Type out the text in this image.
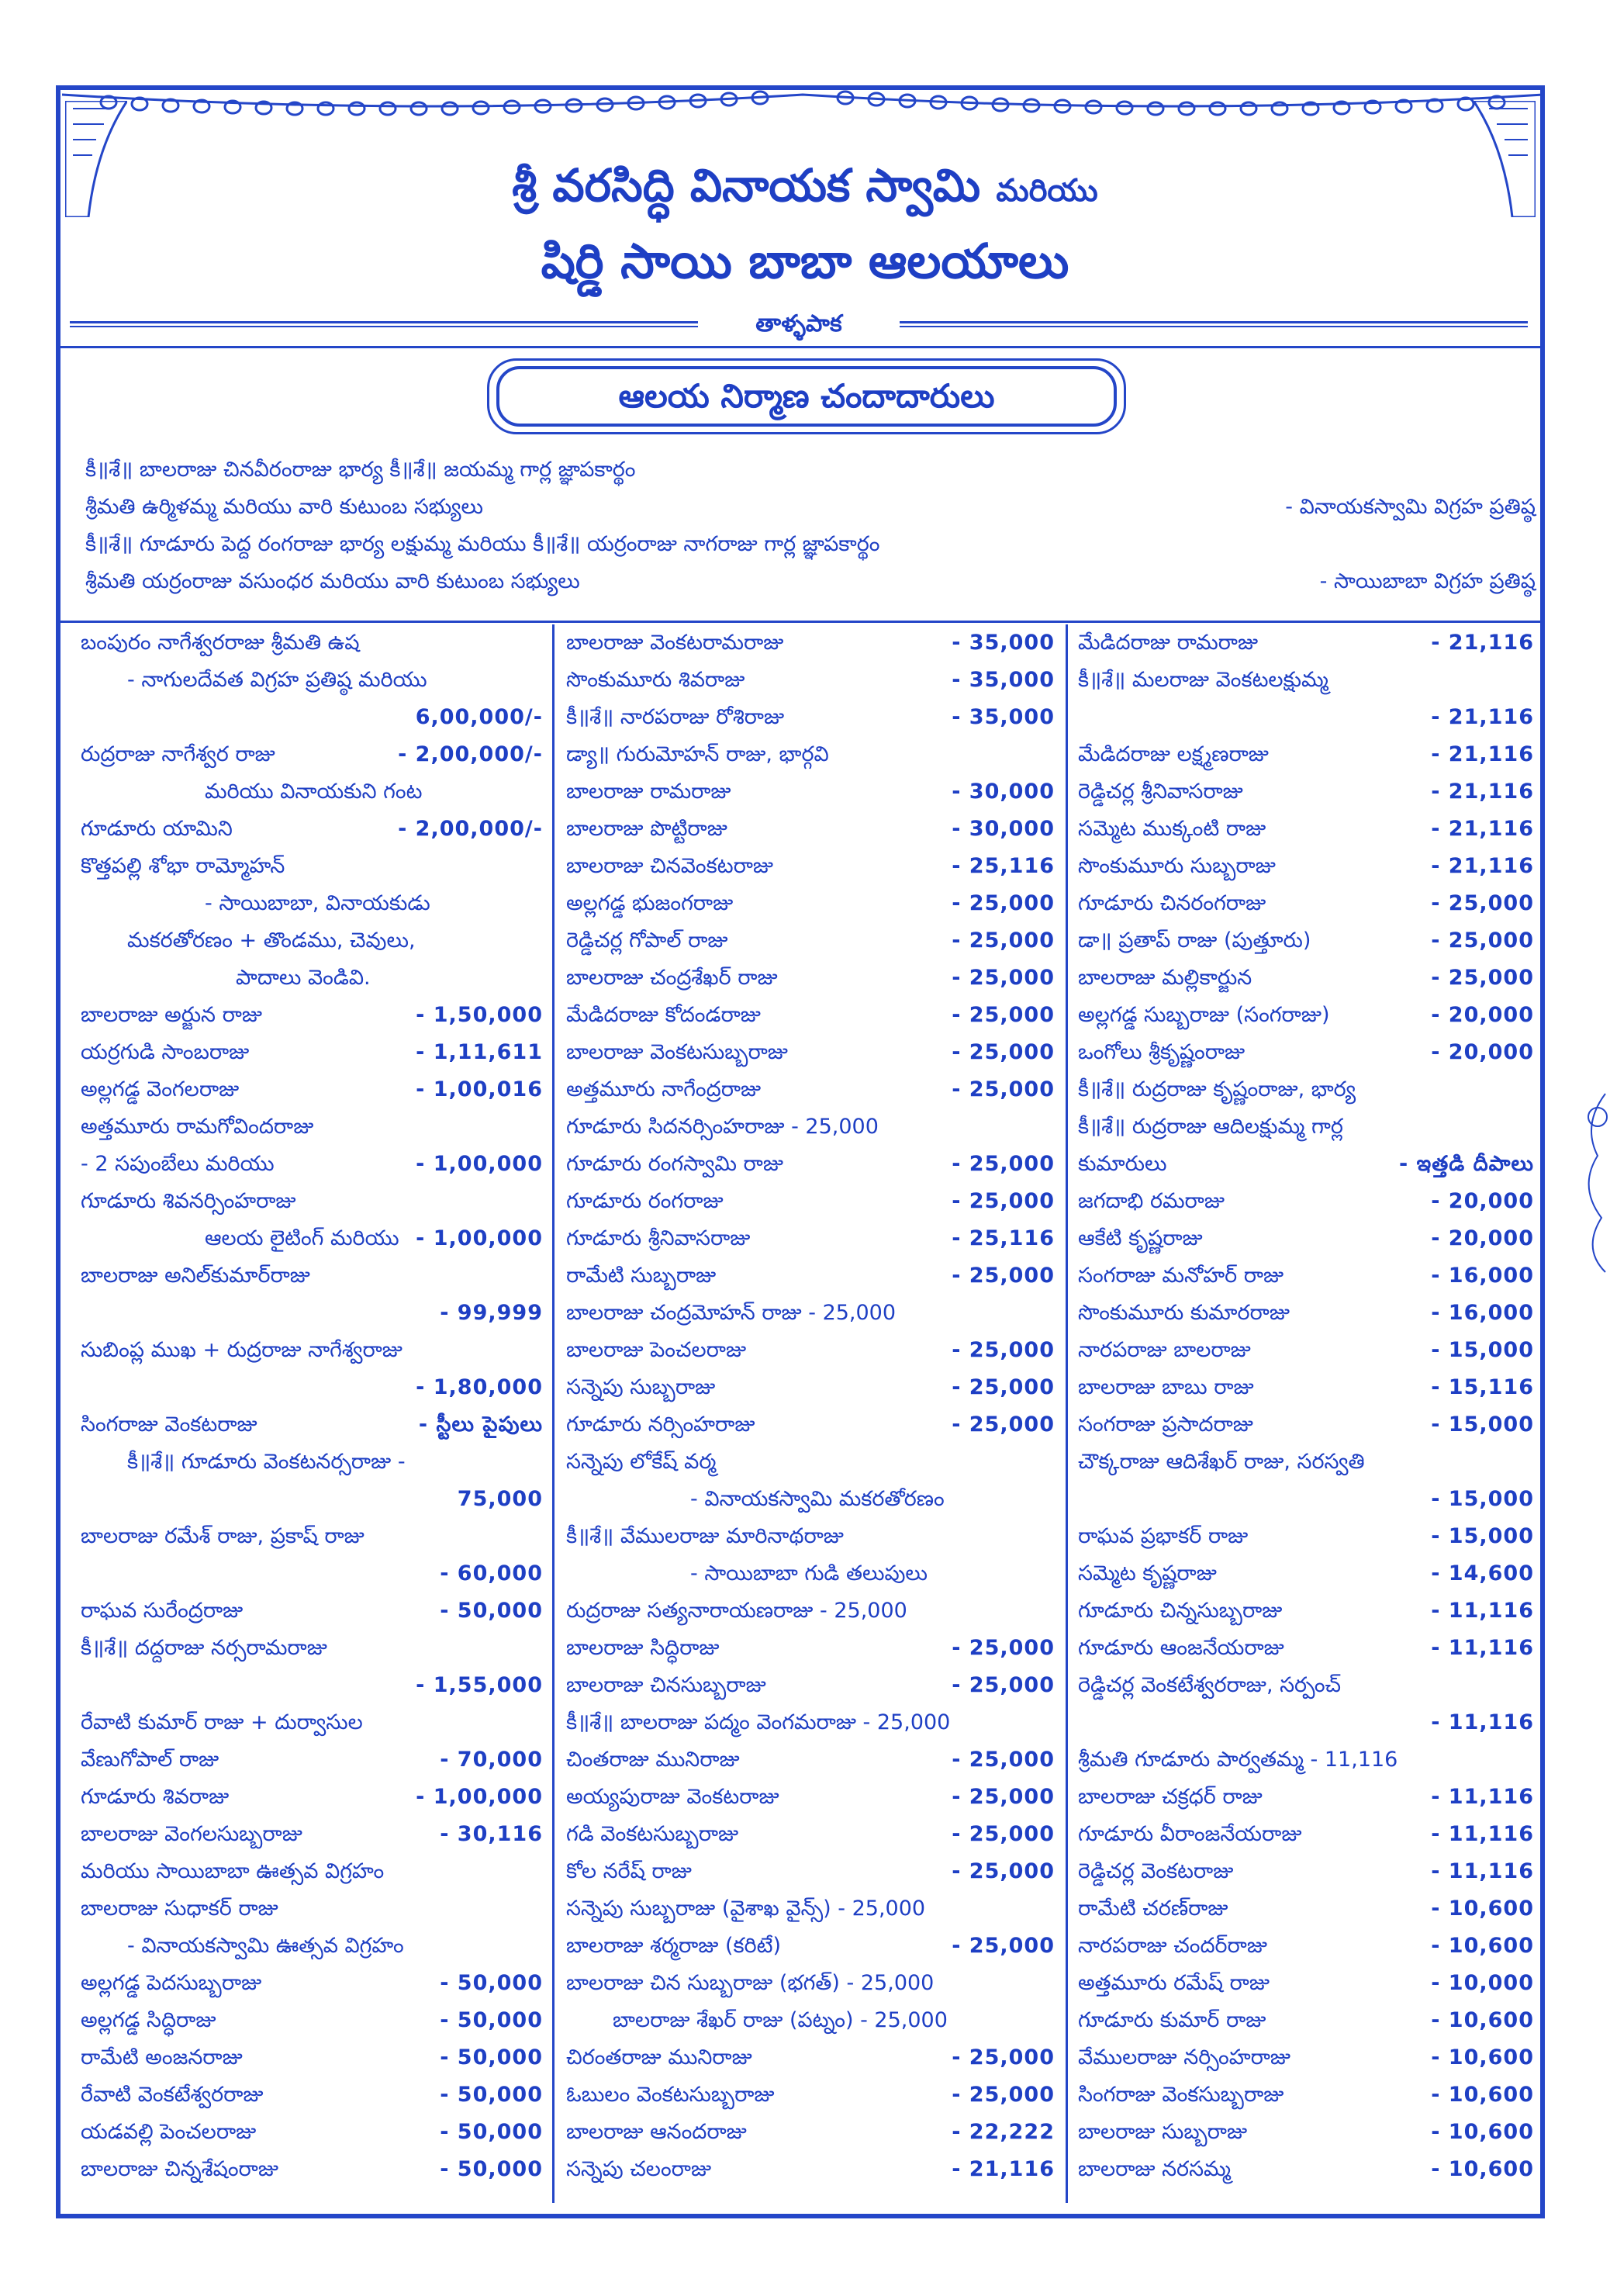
శ్రీ వరసిద్ధి వినాయక స్వామి మరియు
షిర్డి సాయి బాబా ఆలయాలు
తాళ్ళపాక
ఆలయ నిర్మాణ చందాదారులు
కీ॥శే॥ బాలరాజు చినవీరంరాజు భార్య కీ॥శే॥ జయమ్మ గార్ల జ్ఞాపకార్థం
శ్రీమతి ఉర్మిళమ్మ మరియు వారి కుటుంబ సభ్యులు	- వినాయకస్వామి విగ్రహ ప్రతిష్ఠ
కీ॥శే॥ గూడూరు పెద్ద రంగరాజు భార్య లక్షుమ్మ మరియు కీ॥శే॥ యర్రంరాజు నాగరాజు గార్ల జ్ఞాపకార్థం
శ్రీమతి యర్రంరాజు వసుంధర మరియు వారి కుటుంబ సభ్యులు	- సాయిబాబా విగ్రహ ప్రతిష్ఠ
బంపురం నాగేశ్వరరాజు శ్రీమతి ఉష
- నాగులదేవత విగ్రహ ప్రతిష్ఠ మరియు
6,00,000/-
రుద్రరాజు నాగేశ్వర రాజు	- 2,00,000/-
మరియు వినాయకుని గంట
గూడూరు యామిని	- 2,00,000/-
కొత్తపల్లి శోభా రామ్మోహన్
- సాయిబాబా, వినాయకుడు
మకరతోరణం + తొండము, చెవులు,
పాదాలు వెండివి.
బాలరాజు అర్జున రాజు	- 1,50,000
యర్రగుడి సాంబరాజు	- 1,11,611
అల్లగడ్డ వెంగలరాజు	- 1,00,016
అత్తమూరు రామగోవిందరాజు
- 2 సపుంబేలు మరియు	- 1,00,000
గూడూరు శివనర్సింహరాజు
ఆలయ లైటింగ్ మరియు - 1,00,000
బాలరాజు అనిల్‌కుమార్‌రాజు
- 99,999
సుబింప్ల ముఖ + రుద్రరాజు నాగేశ్వరాజు
- 1,80,000
సింగరాజు వెంకటరాజు	- స్టీలు పైపులు
కీ॥శే॥ గూడూరు వెంకటనర్సరాజు -
75,000
బాలరాజు రమేశ్ రాజు, ప్రకాష్ రాజు
- 60,000
రాఘవ సురేంద్రరాజు	- 50,000
కీ॥శే॥ దద్దరాజు నర్సరామరాజు
- 1,55,000
రేవాటి కుమార్ రాజు + దుర్వాసుల
వేణుగోపాల్ రాజు	- 70,000
గూడూరు శివరాజు	- 1,00,000
బాలరాజు వెంగలసుబ్బరాజు	- 30,116
మరియు సాయిబాబా ఊత్సవ విగ్రహం
బాలరాజు సుధాకర్ రాజు
- వినాయకస్వామి ఊత్సవ విగ్రహం
అల్లగడ్డ పెదసుబ్బరాజు	- 50,000
అల్లగడ్డ సిద్ధిరాజు	- 50,000
రామేటి అంజనరాజు	- 50,000
రేవాటి వెంకటేశ్వరరాజు	- 50,000
యడవల్లి పెంచలరాజు	- 50,000
బాలరాజు చిన్నశేషంరాజు	- 50,000
బాలరాజు వెంకటరామరాజు	- 35,000
సొంకుమూరు శివరాజు	- 35,000
కీ॥శే॥ నారపరాజు రోశిరాజు	- 35,000
డ్యా॥ గురుమోహన్ రాజు, భార్గవి
బాలరాజు రామరాజు	- 30,000
బాలరాజు పొట్టిరాజు	- 30,000
బాలరాజు చినవెంకటరాజు	- 25,116
అల్లగడ్డ భుజంగరాజు	- 25,000
రెడ్డిచర్ల గోపాల్ రాజు	- 25,000
బాలరాజు చంద్రశేఖర్ రాజు	- 25,000
మేడిదరాజు కోదండరాజు	- 25,000
బాలరాజు వెంకటసుబ్బరాజు	- 25,000
అత్తమూరు నాగేంద్రరాజు	- 25,000
గూడూరు సిదనర్సింహరాజు - 25,000
గూడూరు రంగస్వామి రాజు	- 25,000
గూడూరు రంగరాజు	- 25,000
గూడూరు శ్రీనివాసరాజు	- 25,116
రామేటి సుబ్బరాజు	- 25,000
బాలరాజు చంద్రమోహన్ రాజు - 25,000
బాలరాజు పెంచలరాజు	- 25,000
సన్నెపు సుబ్బరాజు	- 25,000
గూడూరు నర్సింహరాజు	- 25,000
సన్నెపు లోకేష్ వర్మ
- వినాయకస్వామి మకరతోరణం
కీ॥శే॥ వేములరాజు మారినాథరాజు
- సాయిబాబా గుడి తలుపులు
రుద్రరాజు సత్యనారాయణరాజు - 25,000
బాలరాజు సిద్ధిరాజు	- 25,000
బాలరాజు చినసుబ్బరాజు	- 25,000
కీ॥శే॥ బాలరాజు పద్మం వెంగమరాజు - 25,000
చింతరాజు మునిరాజు	- 25,000
అయ్యపురాజు వెంకటరాజు	- 25,000
గడి వెంకటసుబ్బరాజు	- 25,000
కోల నరేష్ రాజు	- 25,000
సన్నెపు సుబ్బరాజు (వైశాఖ వైన్స్) - 25,000
బాలరాజు శర్మరాజు (కరిటే)	- 25,000
బాలరాజు చిన సుబ్బరాజు (భగత్) - 25,000
బాలరాజు శేఖర్ రాజు (పట్నం) - 25,000
చిరంతరాజు మునిరాజు	- 25,000
ఓబులం వెంకటసుబ్బరాజు	- 25,000
బాలరాజు ఆనందరాజు	- 22,222
సన్నెపు చలంరాజు	- 21,116
మేడిదరాజు రామరాజు	- 21,116
కీ॥శే॥ మలరాజు వెంకటలక్షుమ్మ
- 21,116
మేడిదరాజు లక్ష్మణరాజు	- 21,116
రెడ్డిచర్ల శ్రీనివాసరాజు	- 21,116
సమ్మెట ముక్కంటి రాజు	- 21,116
సొంకుమూరు సుబ్బరాజు	- 21,116
గూడూరు చినరంగరాజు	- 25,000
డా॥ ప్రతాప్ రాజు (పుత్తూరు)	- 25,000
బాలరాజు మల్లికార్జున	- 25,000
అల్లగడ్డ సుబ్బరాజు (సంగరాజు)	- 20,000
ఒంగోలు శ్రీకృష్ణంరాజు	- 20,000
కీ॥శే॥ రుద్రరాజు కృష్ణంరాజు, భార్య
కీ॥శే॥ రుద్రరాజు ఆదిలక్షుమ్మ గార్ల
కుమారులు	- ఇత్తడి దీపాలు
జగదాభి రమరాజు	- 20,000
ఆకేటి కృష్ణరాజు	- 20,000
సంగరాజు మనోహర్ రాజు	- 16,000
సొంకుమూరు కుమారరాజు	- 16,000
నారపరాజు బాలరాజు	- 15,000
బాలరాజు బాబు రాజు	- 15,116
సంగరాజు ప్రసాదరాజు	- 15,000
చౌక్కరాజు ఆదిశేఖర్ రాజు, సరస్వతి
- 15,000
రాఘవ ప్రభాకర్ రాజు	- 15,000
సమ్మెట కృష్ణరాజు	- 14,600
గూడూరు చిన్నసుబ్బరాజు	- 11,116
గూడూరు ఆంజనేయరాజు	- 11,116
రెడ్డిచర్ల వెంకటేశ్వరరాజు, సర్పంచ్
- 11,116
శ్రీమతి గూడూరు పార్వతమ్మ - 11,116
బాలరాజు చక్రధర్ రాజు	- 11,116
గూడూరు వీరాంజనేయరాజు	- 11,116
రెడ్డిచర్ల వెంకటరాజు	- 11,116
రామేటి చరణ్‌రాజు	- 10,600
నారపరాజు చందర్‌రాజు	- 10,600
అత్తమూరు రమేష్ రాజు	- 10,000
గూడూరు కుమార్ రాజు	- 10,600
వేములరాజు నర్సింహరాజు	- 10,600
సింగరాజు వెంకసుబ్బరాజు	- 10,600
బాలరాజు సుబ్బరాజు	- 10,600
బాలరాజు నరసమ్మ	- 10,600
